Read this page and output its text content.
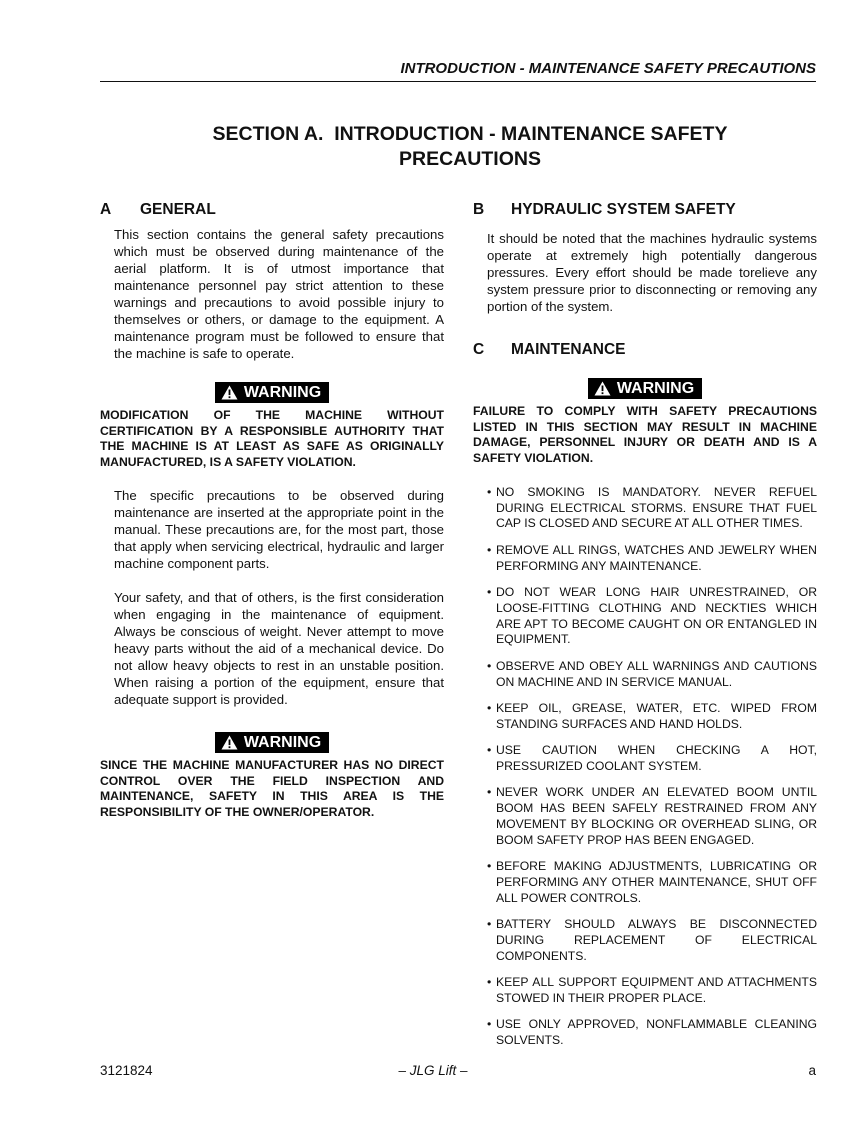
INTRODUCTION - MAINTENANCE SAFETY PRECAUTIONS
SECTION A.  INTRODUCTION - MAINTENANCE SAFETY
PRECAUTIONS
A	GENERAL

This section contains the general safety precautions which must be observed during maintenance of the aerial platform. It is of utmost importance that maintenance personnel pay strict attention to these warnings and precautions to avoid possible injury to themselves or others, or damage to the equipment. A maintenance program must be followed to ensure that the machine is safe to operate.

WARNING

MODIFICATION OF THE MACHINE WITHOUT CERTIFICATION BY A RESPONSIBLE AUTHORITY THAT THE MACHINE IS AT LEAST AS SAFE AS ORIGINALLY MANUFACTURED, IS A SAFETY VIOLATION.

The specific precautions to be observed during maintenance are inserted at the appropriate point in the manual. These precautions are, for the most part, those that apply when servicing electrical, hydraulic and larger machine component parts.

Your safety, and that of others, is the first consideration when engaging in the maintenance of equipment. Always be conscious of weight. Never attempt to move heavy parts without the aid of a mechanical device. Do not allow heavy objects to rest in an unstable position. When raising a portion of the equipment, ensure that adequate support is provided.

WARNING

SINCE THE MACHINE MANUFACTURER HAS NO DIRECT CONTROL OVER THE FIELD INSPECTION AND MAINTENANCE, SAFETY IN THIS AREA IS THE RESPONSIBILITY OF THE OWNER/OPERATOR.

B	HYDRAULIC SYSTEM SAFETY

It should be noted that the machines hydraulic systems operate at extremely high potentially dangerous pressures. Every effort should be made torelieve any system pressure prior to disconnecting or removing any portion of the system.

C	MAINTENANCE
WARNING

FAILURE TO COMPLY WITH SAFETY PRECAUTIONS LISTED IN THIS SECTION MAY RESULT IN MACHINE DAMAGE, PERSONNEL INJURY OR DEATH AND IS A SAFETY VIOLATION.

• NO SMOKING IS MANDATORY. NEVER REFUEL DURING ELECTRICAL STORMS. ENSURE THAT FUEL CAP IS CLOSED AND SECURE AT ALL OTHER TIMES.
• REMOVE ALL RINGS, WATCHES AND JEWELRY WHEN PERFORMING ANY MAINTENANCE.
• DO NOT WEAR LONG HAIR UNRESTRAINED, OR LOOSE-FITTING CLOTHING AND NECKTIES WHICH ARE APT TO BECOME CAUGHT ON OR ENTANGLED IN EQUIPMENT.
• OBSERVE AND OBEY ALL WARNINGS AND CAUTIONS ON MACHINE AND IN SERVICE MANUAL.
• KEEP OIL, GREASE, WATER, ETC. WIPED FROM STANDING SURFACES AND HAND HOLDS.
• USE CAUTION WHEN CHECKING A HOT, PRESSURIZED COOLANT SYSTEM.
• NEVER WORK UNDER AN ELEVATED BOOM UNTIL BOOM HAS BEEN SAFELY RESTRAINED FROM ANY MOVEMENT BY BLOCKING OR OVERHEAD SLING, OR BOOM SAFETY PROP HAS BEEN ENGAGED.
• BEFORE MAKING ADJUSTMENTS, LUBRICATING OR PERFORMING ANY OTHER MAINTENANCE, SHUT OFF ALL POWER CONTROLS.
• BATTERY SHOULD ALWAYS BE DISCONNECTED DURING REPLACEMENT OF ELECTRICAL COMPONENTS.
• KEEP ALL SUPPORT EQUIPMENT AND ATTACHMENTS STOWED IN THEIR PROPER PLACE.
• USE ONLY APPROVED, NONFLAMMABLE CLEANING SOLVENTS.
3121824	– JLG Lift –	a
